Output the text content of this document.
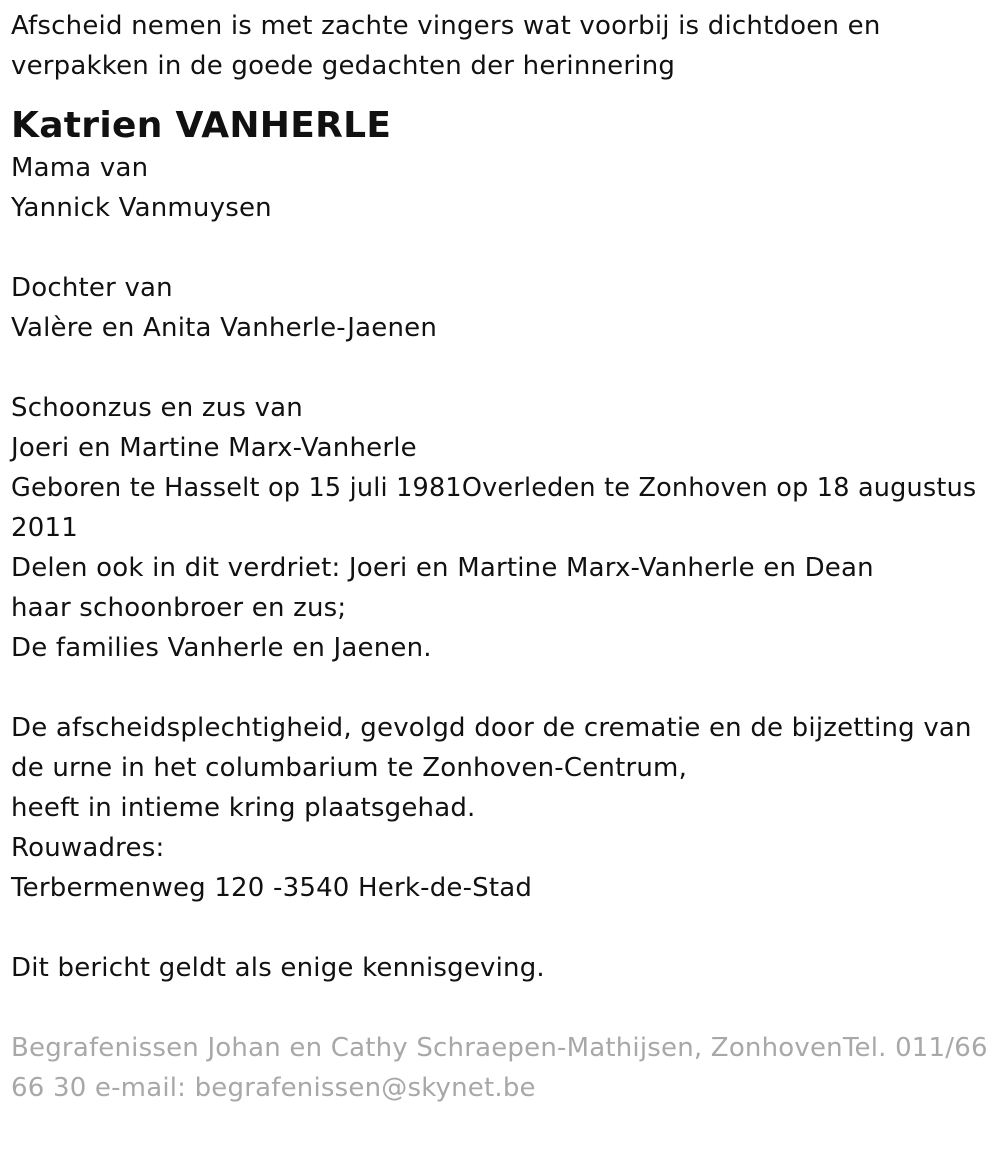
Afscheid nemen is met zachte vingers wat voorbij is dichtdoen en
verpakken in de goede gedachten der herinnering
Katrien VANHERLE
Mama van
Yannick Vanmuysen
Dochter van
Valère en Anita Vanherle-Jaenen
Schoonzus en zus van
Joeri en Martine Marx-Vanherle
Geboren te Hasselt op 15 juli 1981Overleden te Zonhoven op 18 augustus
2011
Delen ook in dit verdriet: Joeri en Martine Marx-Vanherle en Dean
haar schoonbroer en zus;
De families Vanherle en Jaenen.
De afscheidsplechtigheid, gevolgd door de crematie en de bijzetting van
de urne in het columbarium te Zonhoven-Centrum,
heeft in intieme kring plaatsgehad.
Rouwadres:
Terbermenweg 120 -3540 Herk-de-Stad
Dit bericht geldt als enige kennisgeving.
Begrafenissen Johan en Cathy Schraepen-Mathijsen, ZonhovenTel. 011/66
66 30 e-mail: begrafenissen@skynet.be
